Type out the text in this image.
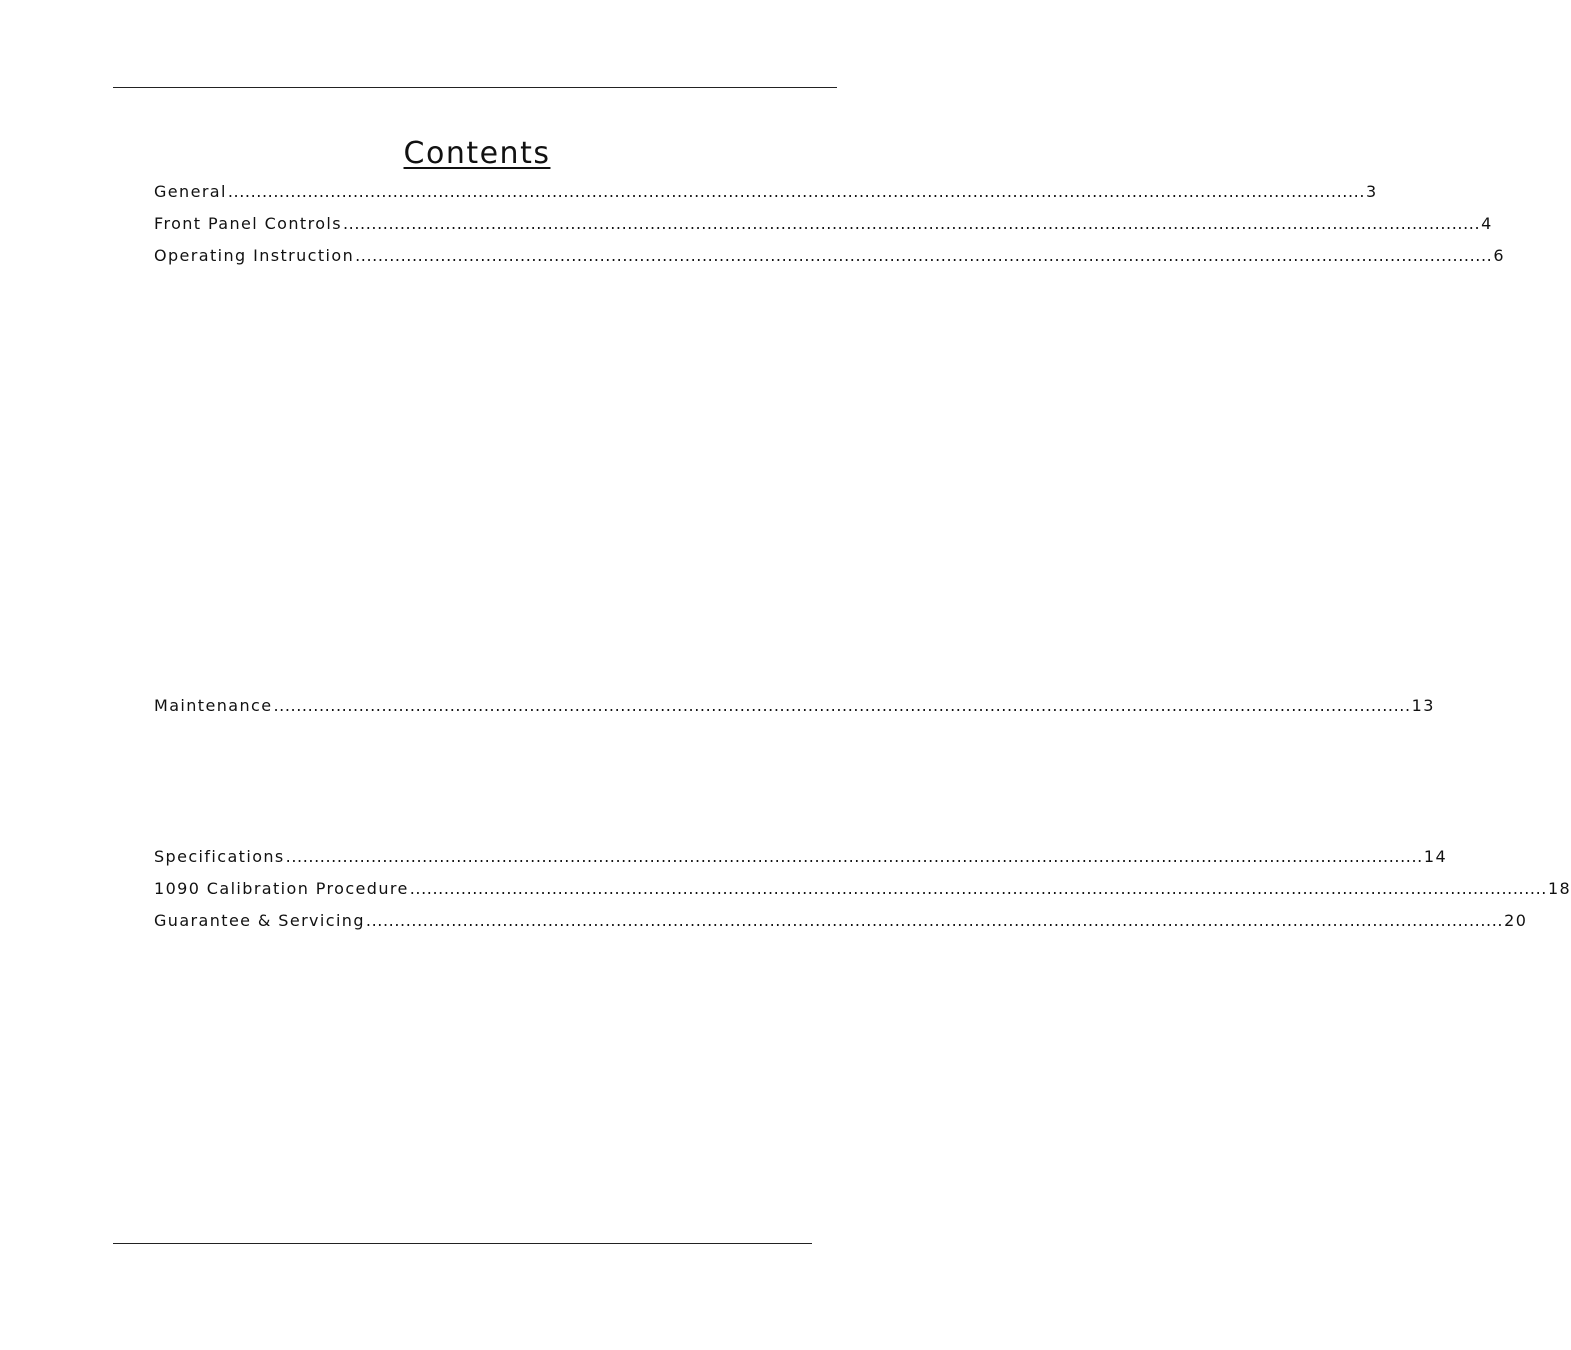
Contents
General ........................................................................................................................................................................................................ 3
Front Panel Controls ........................................................................................................................................................................................................ 4
Operating Instruction ........................................................................................................................................................................................................ 6
Maintenance ........................................................................................................................................................................................................ 13
Specifications ........................................................................................................................................................................................................ 14
1090 Calibration Procedure ........................................................................................................................................................................................................ 18
Guarantee & Servicing ........................................................................................................................................................................................................ 20
